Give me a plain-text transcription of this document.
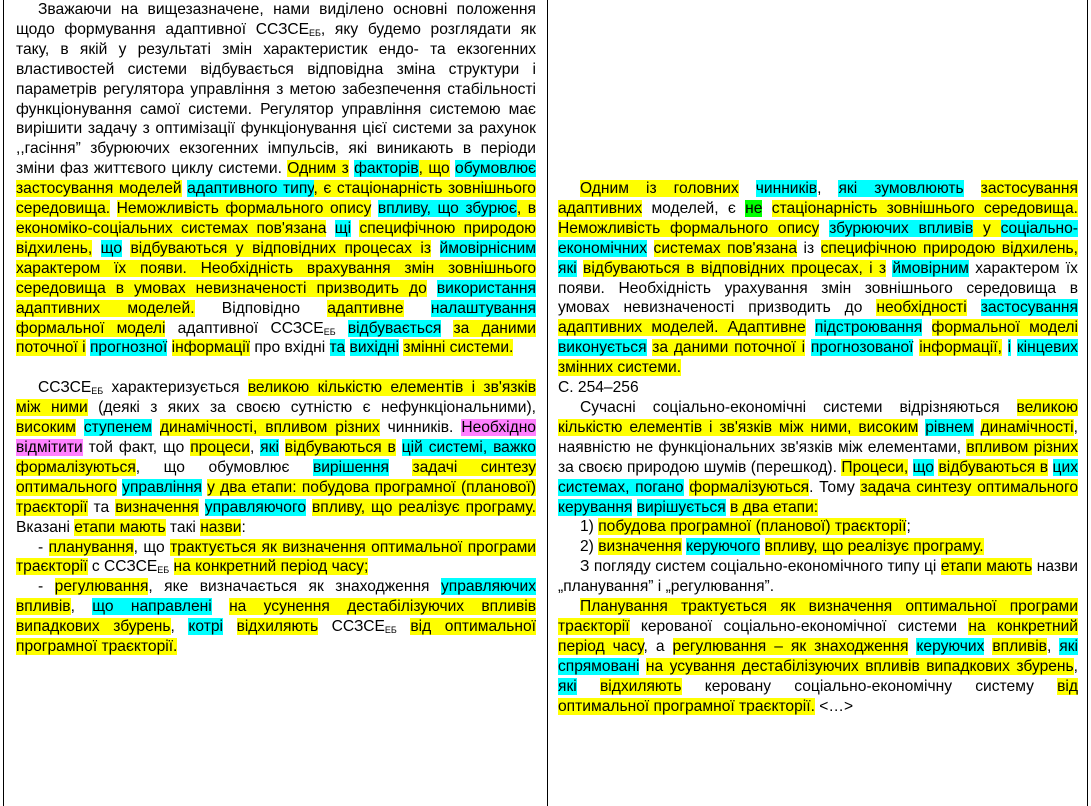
Зважаючи на вищезазначене, нами виділено основні положення щодо формування адаптивної $ССЗСЕ_{ЕБ}$, яку будемо розглядати як таку, в якій у результаті змін характеристик ендо- та екзогенних властивостей системи відбувається відповідна зміна структури і параметрів регулятора управління з метою забезпечення стабільності функціонування самої системи. Регулятор управління системою має вирішити задачу з оптимізації функціонування цієї системи за рахунок ,,гасіння” збурюючих екзогенних імпульсів, які виникають в періоди зміни фаз життєвого циклу системи. Одним з факторів, що обумовлює застосування моделей адаптивного типу, є стаціонарність зовнішнього середовища. Неможливість формального опису впливу, що збурює, в економіко-соціальних системах пов'язана щі специфічною природою відхилень, що відбуваються у відповідних процесах із ймовірнісним характером їх появи. Необхідність врахування змін зовнішнього середовища в умовах невизначеності призводить до використання адаптивних моделей. Відповідно адаптивне налаштування формальної моделі адаптивної $ССЗСЕ_{ЕБ}$ відбувається за даними поточної і прогнозної інформації про вхідні та вихідні змінні системи.
$ССЗСЕ_{ЕБ}$ характеризується великою кількістю елементів і зв'язків між ними (деякі з яких за своєю сутністю є нефункціональними), високим ступенем динамічності, впливом різних чинників. Необхідно відмітити той факт, що процеси, які відбуваються в цій системі, важко формалізуються, що обумовлює вирішення задачі синтезу оптимального управління у два етапи: побудова програмної (планової) траєкторії та визначення управляючого впливу, що реалізує програму. Вказані етапи мають такі назви:
- планування, що трактується як визначення оптимальної програми траєкторії с $ССЗСЕ_{ЕБ}$ на конкретний період часу;
- регулювання, яке визначається як знаходження управляючих впливів, що направлені на усунення дестабілізуючих впливів випадкових збурень, котрі відхиляють $ССЗСЕ_{ЕБ}$ від оптимальної програмної траєкторії.
Одним із головних чинників, які зумовлюють застосування адаптивних моделей, є не стаціонарність зовнішнього середовища. Неможливість формального опису збурюючих впливів у соціально-економічних системах пов'язана із специфічною природою відхилень, які відбуваються в відповідних процесах, і з ймовірним характером їх появи. Необхідність урахування змін зовнішнього середовища в умовах невизначеності призводить до необхідності застосування адаптивних моделей. Адаптивне підстроювання формальної моделі виконується за даними поточної і прогнозованої інформації, і кінцевих змінних системи.
С. 254–256
Сучасні соціально-економічні системи відрізняються великою кількістю елементів і зв'язків між ними, високим рівнем динамічності, наявністю не функціональних зв'язків між елементами, впливом різних за своєю природою шумів (перешкод). Процеси, що відбуваються в цих системах, погано формалізуються. Тому задача синтезу оптимального керування вирішується в два етапи:
1) побудова програмної (планової) траєкторії;
2) визначення керуючого впливу, що реалізує програму.
З погляду систем соціально-економічного типу ці етапи мають назви „планування” і „регулювання”.
Планування трактується як визначення оптимальної програми траєкторії керованої соціально-економічної системи на конкретний період часу, а регулювання – як знаходження керуючих впливів, які спрямовані на усування дестабілізуючих впливів випадкових збурень, які відхиляють керовану соціально-економічну систему від оптимальної програмної траєкторії. <…>
